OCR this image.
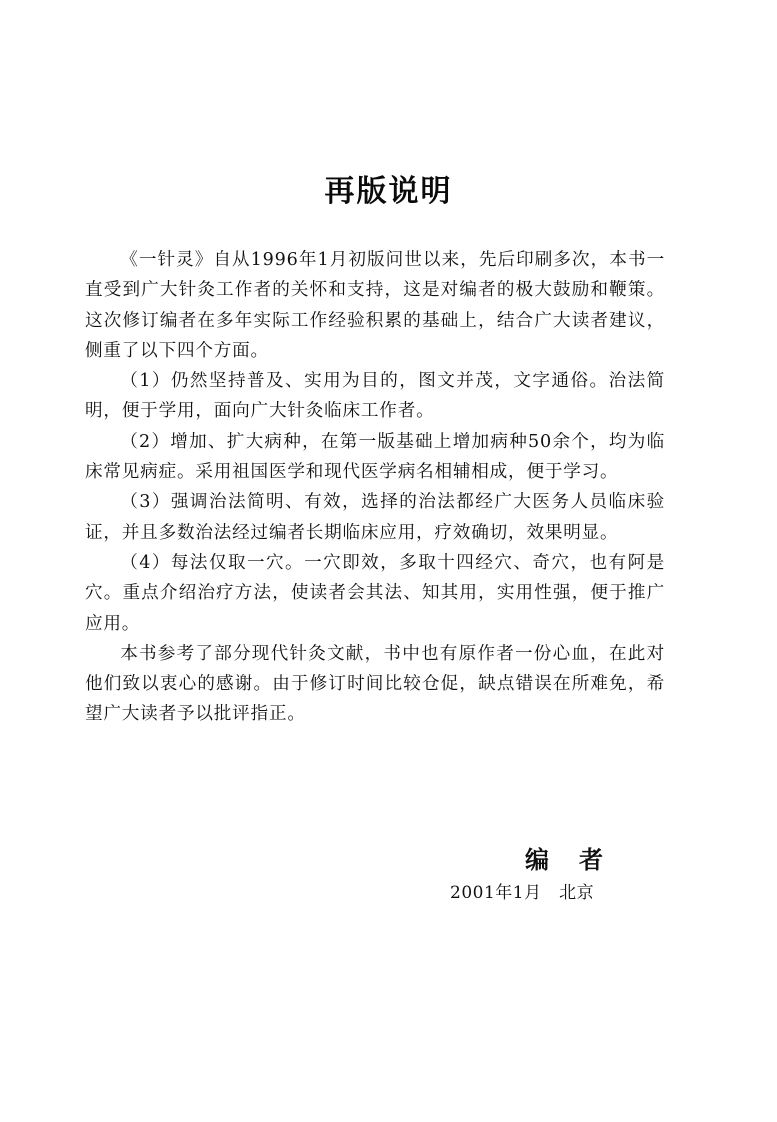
再版说明

《一针灵》自从1996年1月初版问世以来，先后印刷多次，本书一直受到广大针灸工作者的关怀和支持，这是对编者的极大鼓励和鞭策。这次修订编者在多年实际工作经验积累的基础上，结合广大读者建议，侧重了以下四个方面。

（1）仍然坚持普及、实用为目的，图文并茂，文字通俗。治法简明，便于学用，面向广大针灸临床工作者。

（2）增加、扩大病种，在第一版基础上增加病种50余个，均为临床常见病症。采用祖国医学和现代医学病名相辅相成，便于学习。

（3）强调治法简明、有效，选择的治法都经广大医务人员临床验证，并且多数治法经过编者长期临床应用，疗效确切，效果明显。

（4）每法仅取一穴。一穴即效，多取十四经穴、奇穴，也有阿是穴。重点介绍治疗方法，使读者会其法、知其用，实用性强，便于推广应用。

本书参考了部分现代针灸文献，书中也有原作者一份心血，在此对他们致以衷心的感谢。由于修订时间比较仓促，缺点错误在所难免，希望广大读者予以批评指正。

编者
2001年1月　北京
